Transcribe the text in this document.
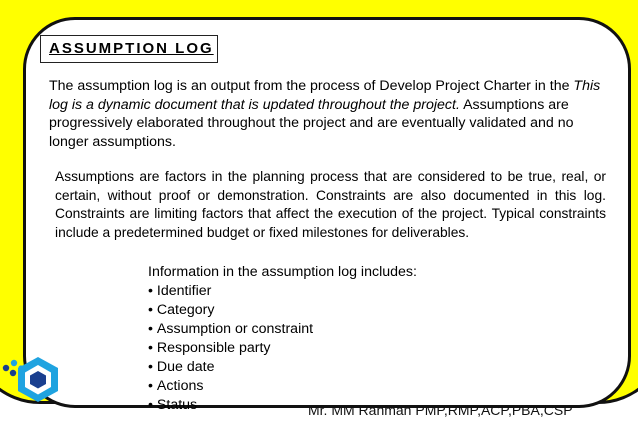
ASSUMPTION LOG
The assumption log is an output from the process of Develop Project Charter in the This log is a dynamic document that is updated throughout the project. Assumptions are progressively elaborated throughout the project and are eventually validated and no longer assumptions.
Assumptions are factors in the planning process that are considered to be true, real, or certain, without proof or demonstration. Constraints are also documented in this log. Constraints are limiting factors that affect the execution of the project. Typical constraints include a predetermined budget or fixed milestones for deliverables.
Information in the assumption log includes:
• Identifier
• Category
• Assumption or constraint
• Responsible party
• Due date
• Actions
• Status	Mr. MM Rahman PMP,RMP,ACP,PBA,CSP
